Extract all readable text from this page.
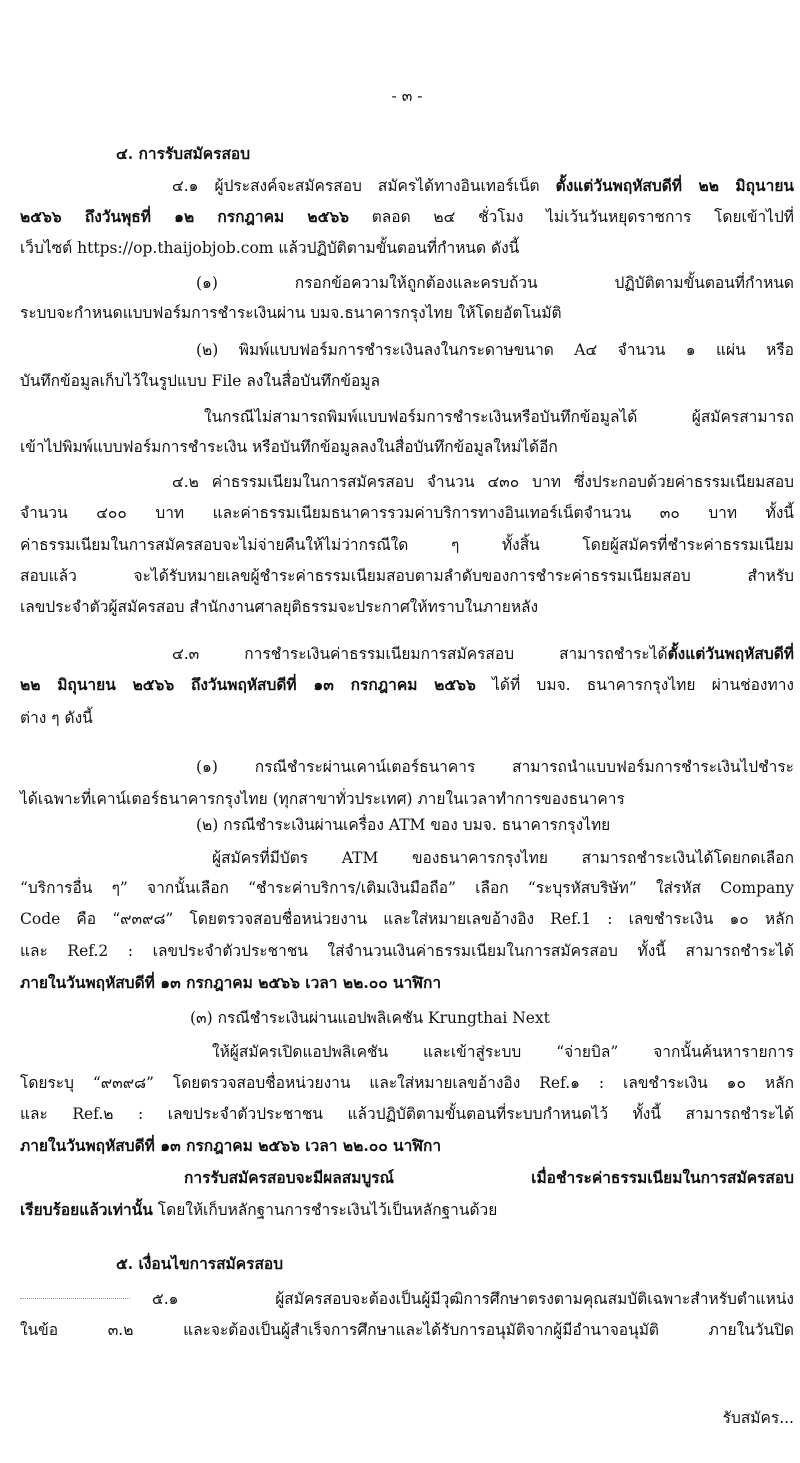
- ๓ -
๔. การรับสมัครสอบ
๔.๑ ผู้ประสงค์จะสมัครสอบ สมัครได้ทางอินเทอร์เน็ต ตั้งแต่วันพฤหัสบดีที่ ๒๒ มิถุนายน
๒๕๖๖ ถึงวันพุธที่ ๑๒ กรกฎาคม ๒๕๖๖ ตลอด ๒๔ ชั่วโมง ไม่เว้นวันหยุดราชการ โดยเข้าไปที่
เว็บไซต์ https://op.thaijobjob.com แล้วปฏิบัติตามขั้นตอนที่กำหนด ดังนี้
(๑) กรอกข้อความให้ถูกต้องและครบถ้วน ปฏิบัติตามขั้นตอนที่กำหนด
ระบบจะกำหนดแบบฟอร์มการชำระเงินผ่าน บมจ.ธนาคารกรุงไทย ให้โดยอัตโนมัติ
(๒) พิมพ์แบบฟอร์มการชำระเงินลงในกระดาษขนาด A๔ จำนวน ๑ แผ่น หรือ
บันทึกข้อมูลเก็บไว้ในรูปแบบ File ลงในสื่อบันทึกข้อมูล
ในกรณีไม่สามารถพิมพ์แบบฟอร์มการชำระเงินหรือบันทึกข้อมูลได้ ผู้สมัครสามารถ
เข้าไปพิมพ์แบบฟอร์มการชำระเงิน หรือบันทึกข้อมูลลงในสื่อบันทึกข้อมูลใหม่ได้อีก
๔.๒ ค่าธรรมเนียมในการสมัครสอบ จำนวน ๔๓๐ บาท ซึ่งประกอบด้วยค่าธรรมเนียมสอบ
จำนวน ๔๐๐ บาท และค่าธรรมเนียมธนาคารรวมค่าบริการทางอินเทอร์เน็ตจำนวน ๓๐ บาท ทั้งนี้
ค่าธรรมเนียมในการสมัครสอบจะไม่จ่ายคืนให้ไม่ว่ากรณีใด ๆ ทั้งสิ้น โดยผู้สมัครที่ชำระค่าธรรมเนียม
สอบแล้ว จะได้รับหมายเลขผู้ชำระค่าธรรมเนียมสอบตามลำดับของการชำระค่าธรรมเนียมสอบ สำหรับ
เลขประจำตัวผู้สมัครสอบ สำนักงานศาลยุติธรรมจะประกาศให้ทราบในภายหลัง
๔.๓ การชำระเงินค่าธรรมเนียมการสมัครสอบ สามารถชำระได้ตั้งแต่วันพฤหัสบดีที่
๒๒ มิถุนายน ๒๕๖๖ ถึงวันพฤหัสบดีที่ ๑๓ กรกฎาคม ๒๕๖๖ ได้ที่ บมจ. ธนาคารกรุงไทย ผ่านช่องทาง
ต่าง ๆ ดังนี้
(๑) กรณีชำระผ่านเคาน์เตอร์ธนาคาร สามารถนำแบบฟอร์มการชำระเงินไปชำระ
ได้เฉพาะที่เคาน์เตอร์ธนาคารกรุงไทย (ทุกสาขาทั่วประเทศ) ภายในเวลาทำการของธนาคาร
(๒) กรณีชำระเงินผ่านเครื่อง ATM ของ บมจ. ธนาคารกรุงไทย
ผู้สมัครที่มีบัตร ATM ของธนาคารกรุงไทย สามารถชำระเงินได้โดยกดเลือก
“บริการอื่น ๆ” จากนั้นเลือก “ชำระค่าบริการ/เติมเงินมือถือ” เลือก “ระบุรหัสบริษัท” ใส่รหัส Company
Code คือ “๙๓๙๘” โดยตรวจสอบชื่อหน่วยงาน และใส่หมายเลขอ้างอิง Ref.1 : เลขชำระเงิน ๑๐ หลัก
และ Ref.2 : เลขประจำตัวประชาชน ใส่จำนวนเงินค่าธรรมเนียมในการสมัครสอบ ทั้งนี้ สามารถชำระได้
ภายในวันพฤหัสบดีที่ ๑๓ กรกฎาคม ๒๕๖๖ เวลา ๒๒.๐๐ นาฬิกา
(๓) กรณีชำระเงินผ่านแอปพลิเคชัน Krungthai Next
ให้ผู้สมัครเปิดแอปพลิเคชัน และเข้าสู่ระบบ “จ่ายบิล” จากนั้นค้นหารายการ
โดยระบุ “๙๓๙๘” โดยตรวจสอบชื่อหน่วยงาน และใส่หมายเลขอ้างอิง Ref.๑ : เลขชำระเงิน ๑๐ หลัก
และ Ref.๒ : เลขประจำตัวประชาชน แล้วปฏิบัติตามขั้นตอนที่ระบบกำหนดไว้ ทั้งนี้ สามารถชำระได้
ภายในวันพฤหัสบดีที่ ๑๓ กรกฎาคม ๒๕๖๖ เวลา ๒๒.๐๐ นาฬิกา
การรับสมัครสอบจะมีผลสมบูรณ์ เมื่อชำระค่าธรรมเนียมในการสมัครสอบ
เรียบร้อยแล้วเท่านั้น โดยให้เก็บหลักฐานการชำระเงินไว้เป็นหลักฐานด้วย
๕. เงื่อนไขการสมัครสอบ
๕.๑ ผู้สมัครสอบจะต้องเป็นผู้มีวุฒิการศึกษาตรงตามคุณสมบัติเฉพาะสำหรับตำแหน่ง
ในข้อ ๓.๒ และจะต้องเป็นผู้สำเร็จการศึกษาและได้รับการอนุมัติจากผู้มีอำนาจอนุมัติ ภายในวันปิด
รับสมัคร...
